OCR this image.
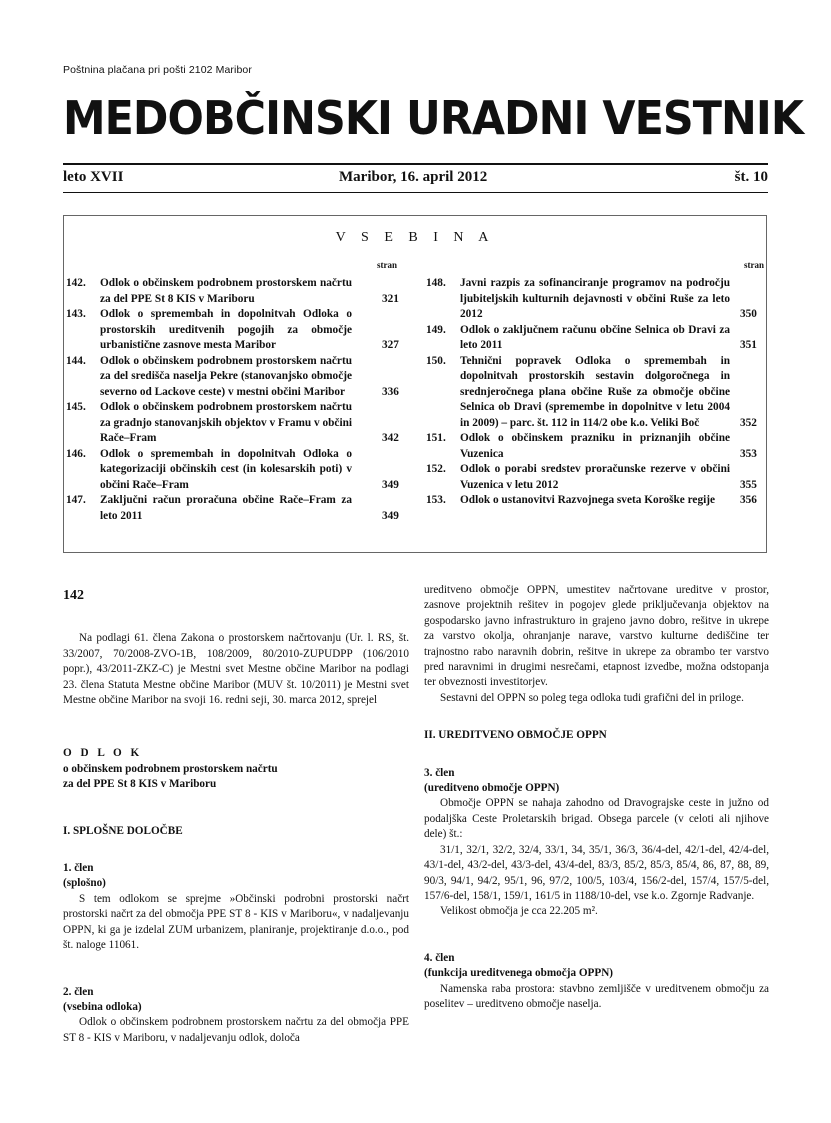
Poštnina plačana pri pošti 2102 Maribor
MEDOBČINSKI URADNI VESTNIK
leto XVII	Maribor, 16. april 2012	št. 10
V S E B I N A
stran	stran
142. Odlok o občinskem podrobnem prostorskem načrtu za del PPE St 8 KIS v Mariboru	321
143. Odlok o spremembah in dopolnitvah Odloka o prostorskih ureditvenih pogojih za območje urbanistične zasnove mesta Maribor	327
144. Odlok o občinskem podrobnem prostorskem načrtu za del središča naselja Pekre (stanovanjsko območje severno od Lackove ceste) v mestni občini Maribor	336
145. Odlok o občinskem podrobnem prostorskem načrtu za gradnjo stanovanjskih objektov v Framu v občini Rače–Fram	342
146. Odlok o spremembah in dopolnitvah Odloka o kategorizaciji občinskih cest (in kolesarskih poti) v občini Rače–Fram	349
147. Zaključni račun proračuna občine Rače–Fram za leto 2011	349
148. Javni razpis za sofinanciranje programov na področju ljubiteljskih kulturnih dejavnosti v občini Ruše za leto 2012	350
149. Odlok o zaključnem računu občine Selnica ob Dravi za leto 2011	351
150. Tehnični popravek Odloka o spremembah in dopolnitvah prostorskih sestavin dolgoročnega in srednjeročnega plana občine Ruše za območje občine Selnica ob Dravi (spremembe in dopolnitve v letu 2004 in 2009) – parc. št. 112 in 114/2 obe k.o. Veliki Boč	352
151. Odlok o občinskem prazniku in priznanjih občine Vuzenica	353
152. Odlok o porabi sredstev proračunske rezerve v občini Vuzenica v letu 2012	355
153. Odlok o ustanovitvi Razvojnega sveta Koroške regije	356

142

Na podlagi 61. člena Zakona o prostorskem načrtovanju (Ur. l. RS, št. 33/2007, 70/2008-ZVO-1B, 108/2009, 80/2010-ZUPUDPP (106/2010 popr.), 43/2011-ZKZ-C) je Mestni svet Mestne občine Maribor na podlagi 23. člena Statuta Mestne občine Maribor (MUV št. 10/2011) je Mestni svet Mestne občine Maribor na svoji 16. redni seji, 30. marca 2012, sprejel

O D L O K

o občinskem podrobnem prostorskem načrtu

za del PPE St 8 KIS v Mariboru

I. SPLOŠNE DOLOČBE

1. člen

(splošno)

S tem odlokom se sprejme »Občinski podrobni prostorski načrt prostorski načrt za del območja PPE ST 8 - KIS v Mariboru«, v nadaljevanju OPPN, ki ga je izdelal ZUM urbanizem, planiranje, projektiranje d.o.o., pod št. naloge 11061.

2. člen

(vsebina odloka)

Odlok o občinskem podrobnem prostorskem načrtu za del območja PPE ST 8 - KIS v Mariboru, v nadaljevanju odlok, določa

ureditveno območje OPPN, umestitev načrtovane ureditve v prostor, zasnove projektnih rešitev in pogojev glede priključevanja objektov na gospodarsko javno infrastrukturo in grajeno javno dobro, rešitve in ukrepe za varstvo okolja, ohranjanje narave, varstvo kulturne dediščine ter trajnostno rabo naravnih dobrin, rešitve in ukrepe za obrambo ter varstvo pred naravnimi in drugimi nesrečami, etapnost izvedbe, možna odstopanja ter obveznosti investitorjev.

Sestavni del OPPN so poleg tega odloka tudi grafični del in priloge.

II. UREDITVENO OBMOČJE OPPN

3. člen

(ureditveno območje OPPN)

Območje OPPN se nahaja zahodno od Dravograjske ceste in južno od podaljška Ceste Proletarskih brigad. Obsega parcele (v celoti ali njihove dele) št.:

31/1, 32/1, 32/2, 32/4, 33/1, 34, 35/1, 36/3, 36/4-del, 42/1-del, 42/4-del, 43/1-del, 43/2-del, 43/3-del, 43/4-del, 83/3, 85/2, 85/3, 85/4, 86, 87, 88, 89, 90/3, 94/1, 94/2, 95/1, 96, 97/2, 100/5, 103/4, 156/2-del, 157/4, 157/5-del, 157/6-del, 158/1, 159/1, 161/5 in 1188/10-del, vse k.o. Zgornje Radvanje.

Velikost območja je cca 22.205 m².

4. člen

(funkcija ureditvenega območja OPPN)

Namenska raba prostora: stavbno zemljišče v ureditvenem območju za poselitev – ureditveno območje naselja.
